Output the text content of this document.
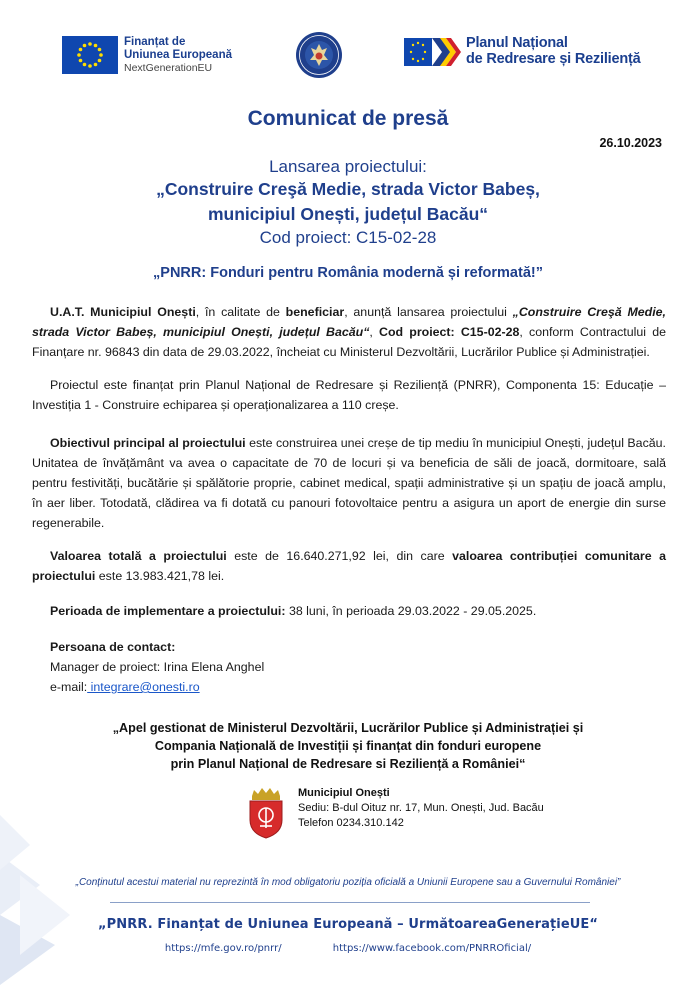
Finanțat de
Uniunea Europeană
NextGenerationEU
Planul Național
de Redresare și Reziliență
Comunicat de presă
26.10.2023
Lansarea proiectului:
„Construire Creşă Medie, strada Victor Babeș,
municipiul Onești, județul Bacău“
Cod proiect: C15-02-28
„PNRR: Fonduri pentru România modernă și reformată!”
U.A.T. Municipiul Onești, în calitate de beneficiar, anunță lansarea proiectului „Construire Creşă Medie, strada Victor Babeș, municipiul Onești, județul Bacău“, Cod proiect: C15-02-28, conform Contractului de Finanțare nr. 96843 din data de 29.03.2022, încheiat cu Ministerul Dezvoltării, Lucrărilor Publice și Administrației.
Proiectul este finanțat prin Planul Național de Redresare și Reziliență (PNRR), Componenta 15: Educație – Investiția 1 - Construire echiparea și operaționalizarea a 110 creșe.
Obiectivul principal al proiectului este construirea unei creșe de tip mediu în municipiul Onești, județul Bacău. Unitatea de învățământ va avea o capacitate de 70 de locuri și va beneficia de săli de joacă, dormitoare, sală pentru festivități, bucătărie și spălătorie proprie, cabinet medical, spații administrative și un spațiu de joacă amplu, în aer liber. Totodată, clădirea va fi dotată cu panouri fotovoltaice pentru a asigura un aport de energie din surse regenerabile.
Valoarea totală a proiectului este de 16.640.271,92 lei, din care valoarea contribuției comunitare a proiectului este 13.983.421,78 lei.
Perioada de implementare a proiectului: 38 luni, în perioada 29.03.2022 - 29.05.2025.
Persoana de contact:
Manager de proiect: Irina Elena Anghel
e-mail: integrare@onesti.ro
„Apel gestionat de Ministerul Dezvoltării, Lucrărilor Publice și Administrației și
Compania Națională de Investiții și finanțat din fonduri europene
prin Planul Național de Redresare si Reziliență a României“
Municipiul Onești
Sediu: B-dul Oituz nr. 17, Mun. Onești, Jud. Bacău
Telefon 0234.310.142
„Conținutul acestui material nu reprezintă în mod obligatoriu poziția oficială a Uniunii Europene sau a Guvernului României”
„PNRR. Finanțat de Uniunea Europeană – UrmătoareaGenerațieUE“
https://mfe.gov.ro/pnrr/	https://www.facebook.com/PNRROficial/
